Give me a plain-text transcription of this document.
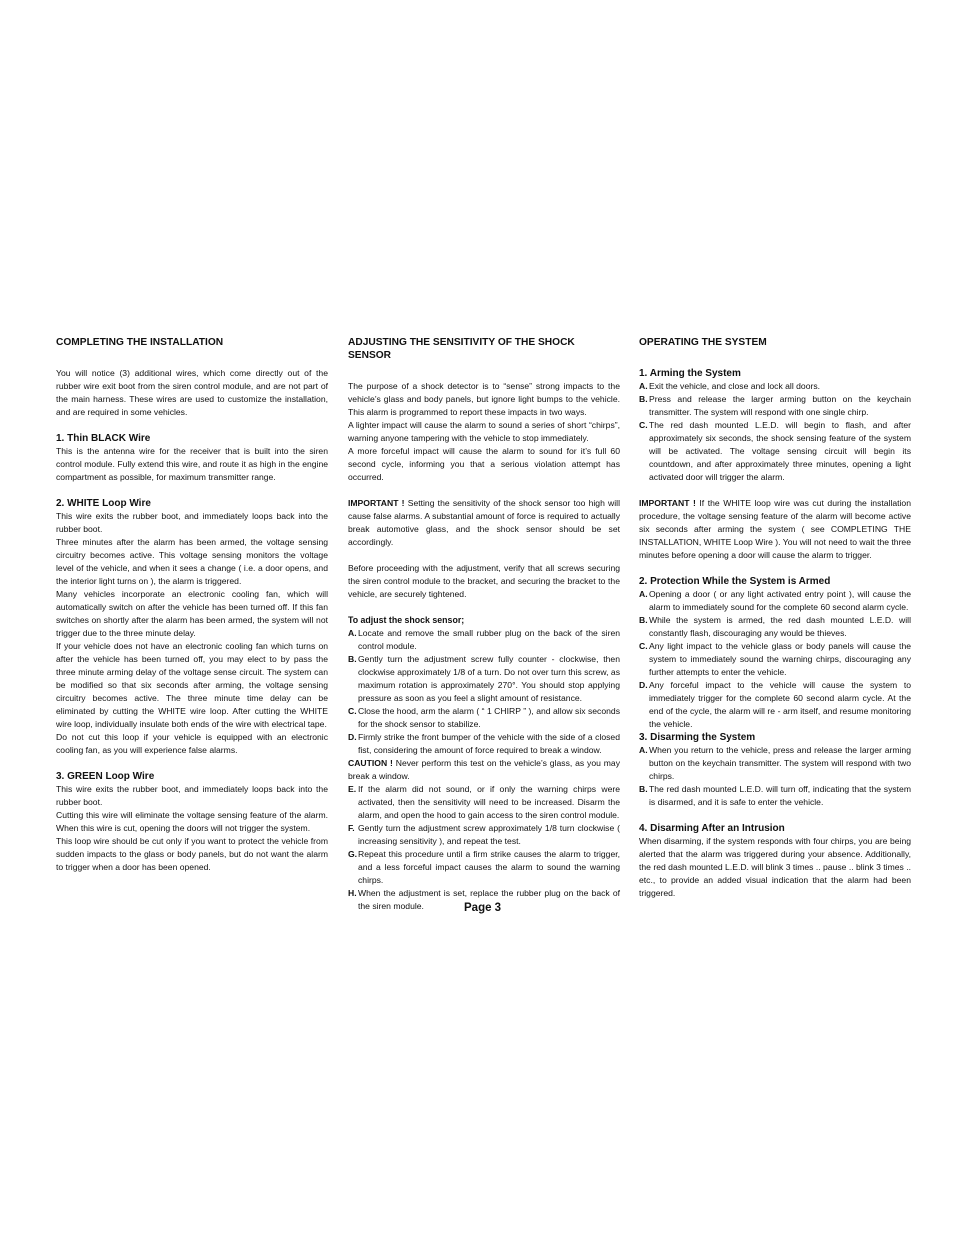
COMPLETING THE INSTALLATION

You will notice (3) additional wires, which come directly out of the rubber wire exit boot from the siren control module, and are not part of the main harness. These wires are used to customize the installation, and are required in some vehicles.

1. Thin BLACK Wire

This is the antenna wire for the receiver that is built into the siren control module. Fully extend this wire, and route it as high in the engine compartment as possible, for maximum transmitter range.

2. WHITE Loop Wire

This wire exits the rubber boot, and immediately loops back into the rubber boot.

Three minutes after the alarm has been armed, the voltage sensing circuitry becomes active. This voltage sensing monitors the voltage level of the vehicle, and when it sees a change ( i.e. a door opens, and the interior light turns on ), the alarm is triggered.

Many vehicles incorporate an electronic cooling fan, which will automatically switch on after the vehicle has been turned off. If this fan switches on shortly after the alarm has been armed, the system will not trigger due to the three minute delay.

If your vehicle does not have an electronic cooling fan which turns on after the vehicle has been turned off, you may elect to by pass the three minute arming delay of the voltage sense circuit. The system can be modified so that six seconds after arming, the voltage sensing circuitry becomes active. The three minute time delay can be eliminated by cutting the WHITE wire loop. After cutting the WHITE wire loop, individually insulate both ends of the wire with electrical tape.

Do not cut this loop if your vehicle is equipped with an electronic cooling fan, as you will experience false alarms.

3. GREEN Loop Wire

This wire exits the rubber boot, and immediately loops back into the rubber boot.

Cutting this wire will eliminate the voltage sensing feature of the alarm. When this wire is cut, opening the doors will not trigger the system.

This loop wire should be cut only if you want to protect the vehicle from sudden impacts to the glass or body panels, but do not want the alarm to trigger when a door has been opened.

ADJUSTING THE SENSITIVITY OF THE SHOCK SENSOR

The purpose of a shock detector is to “sense” strong impacts to the vehicle’s glass and body panels, but ignore light bumps to the vehicle. This alarm is programmed to report these impacts in two ways.

A lighter impact will cause the alarm to sound a series of short “chirps”, warning anyone tampering with the vehicle to stop immediately.

A more forceful impact will cause the alarm to sound for it’s full 60 second cycle, informing you that a serious violation attempt has occurred.

IMPORTANT ! Setting the sensitivity of the shock sensor too high will cause false alarms. A substantial amount of force is required to actually break automotive glass, and the shock sensor should be set accordingly.

Before proceeding with the adjustment, verify that all screws securing the siren control module to the bracket, and securing the bracket to the vehicle, are securely tightened.

To adjust the shock sensor;
A. Locate and remove the small rubber plug on the back of the siren control module.
B. Gently turn the adjustment screw fully counter - clockwise, then clockwise approximately 1/8 of a turn. Do not over turn this screw, as maximum rotation is approximately 270°. You should stop applying pressure as soon as you feel a slight amount of resistance.
C. Close the hood, arm the alarm ( “ 1 CHIRP ” ), and allow six seconds for the shock sensor to stabilize.
D. Firmly strike the front bumper of the vehicle with the side of a closed fist, considering the amount of force required to break a window.

CAUTION ! Never perform this test on the vehicle’s glass, as you may break a window.

E. If the alarm did not sound, or if only the warning chirps were activated, then the sensitivity will need to be increased. Disarm the alarm, and open the hood to gain access to the siren control module.
F. Gently turn the adjustment screw approximately 1/8 turn clockwise ( increasing sensitivity ), and repeat the test.
G. Repeat this procedure until a firm strike causes the alarm to trigger, and a less forceful impact causes the alarm to sound the warning chirps.
H. When the adjustment is set, replace the rubber plug on the back of the siren module.
OPERATING THE SYSTEM
1. Arming the System
A. Exit the vehicle, and close and lock all doors.
B. Press and release the larger arming button on the keychain transmitter. The system will respond with one single chirp.
C. The red dash mounted L.E.D. will begin to flash, and after approximately six seconds, the shock sensing feature of the system will be activated. The voltage sensing circuit will begin its countdown, and after approximately three minutes, opening a light activated door will trigger the alarm.

IMPORTANT ! If the WHITE loop wire was cut during the installation procedure, the voltage sensing feature of the alarm will become active six seconds after arming the system ( see COMPLETING THE INSTALLATION, WHITE Loop Wire ). You will not need to wait the three minutes before opening a door will cause the alarm to trigger.

2. Protection While the System is Armed
A. Opening a door ( or any light activated entry point ), will cause the alarm to immediately sound for the complete 60 second alarm cycle.
B. While the system is armed, the red dash mounted L.E.D. will constantly flash, discouraging any would be thieves.
C. Any light impact to the vehicle glass or body panels will cause the system to immediately sound the warning chirps, discouraging any further attempts to enter the vehicle.
D. Any forceful impact to the vehicle will cause the system to immediately trigger for the complete 60 second alarm cycle. At the end of the cycle, the alarm will re - arm itself, and resume monitoring the vehicle.
3. Disarming the System
A. When you return to the vehicle, press and release the larger arming button on the keychain transmitter. The system will respond with two chirps.
B. The red dash mounted L.E.D. will turn off, indicating that the system is disarmed, and it is safe to enter the vehicle.
4. Disarming After an Intrusion

When disarming, if the system responds with four chirps, you are being alerted that the alarm was triggered during your absence. Additionally, the red dash mounted L.E.D. will blink 3 times .. pause .. blink 3 times .. etc., to provide an added visual indication that the alarm had been triggered.

Page 3
